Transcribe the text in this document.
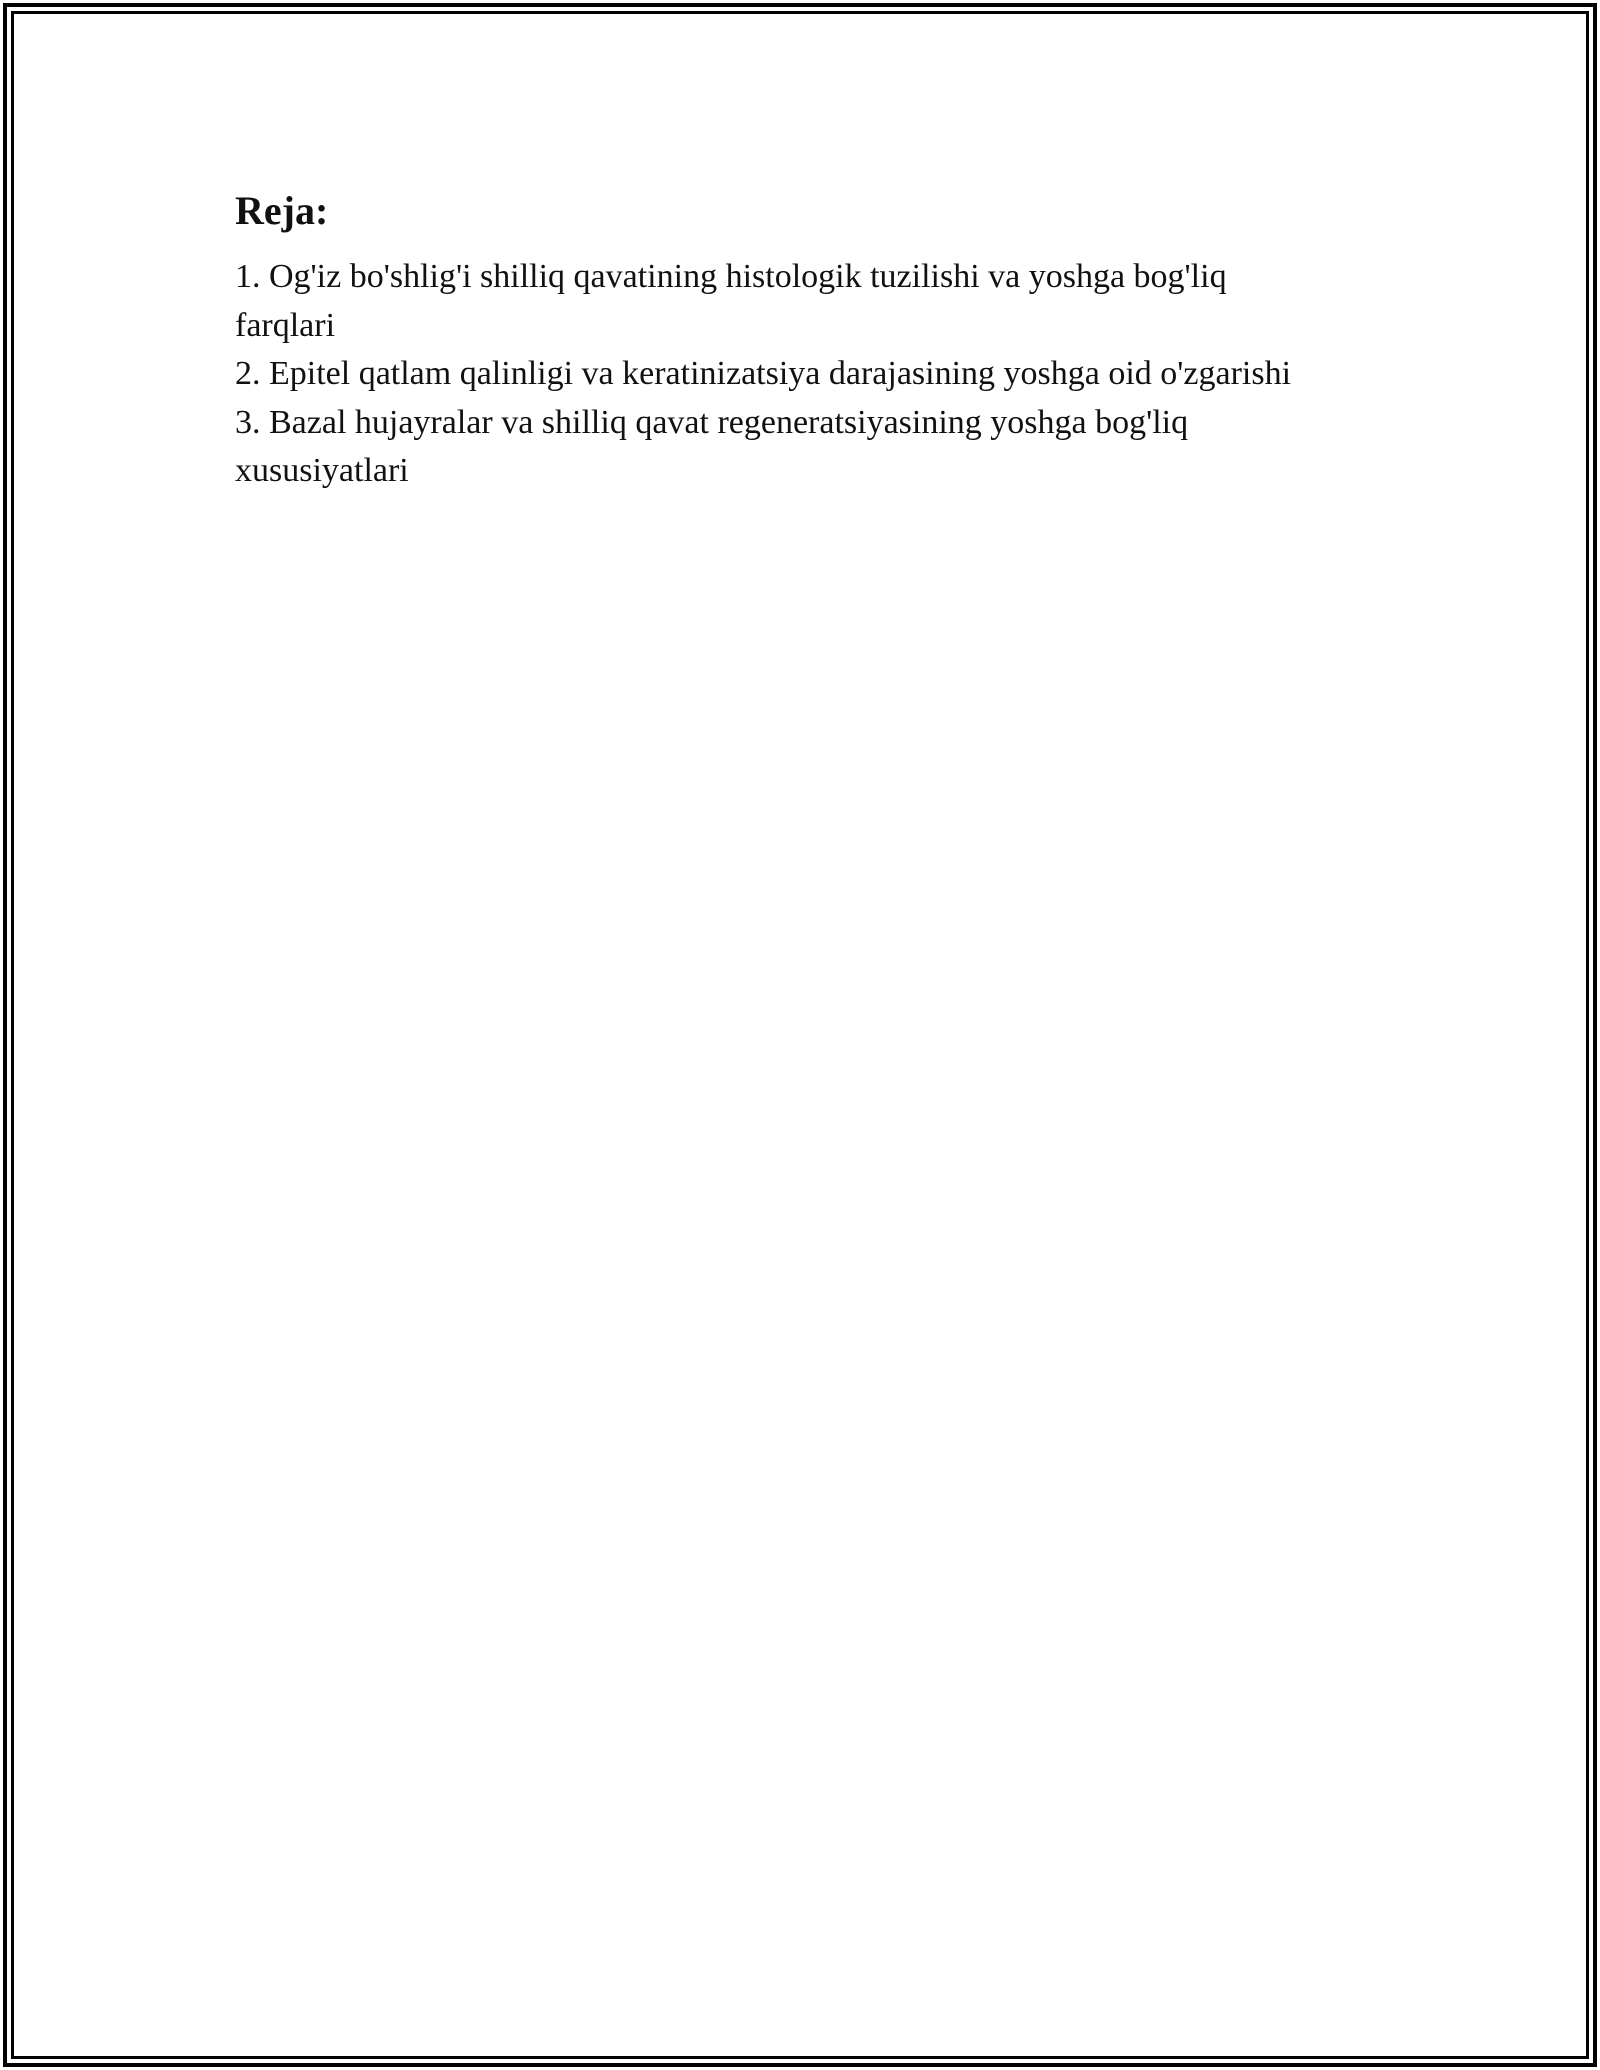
Reja:
1. Og'iz bo'shlig'i shilliq qavatining histologik tuzilishi va yoshga bog'liq farqlari
2. Epitel qatlam qalinligi va keratinizatsiya darajasining yoshga oid o'zgarishi
3. Bazal hujayralar va shilliq qavat regeneratsiyasining yoshga bog'liq xususiyatlari
